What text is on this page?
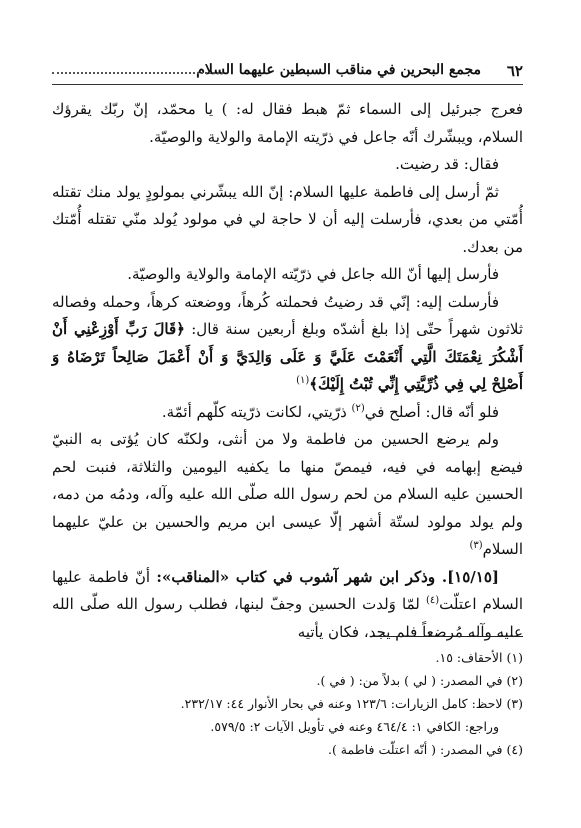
٦٢
مجمع البحرين في مناقب السبطين عليهما السلام

فعرج جبرئيل إلى السماء ثمّ هبط فقال له: ) يا محمّد، إنّ ربّك يقرؤك السلام، ويبشّرك أنّه جاعل في ذرّيته الإمامة والولاية والوصيّة.

فقال: قد رضيت.

ثمّ أرسل إلى فاطمة عليها السلام: إنّ الله يبشّرني بمولودٍ يولد منك تقتله أُمّتي من بعدي، فأرسلت إليه أن لا حاجة لي في مولود يُولد منّي تقتله أُمّتك من بعدك.

فأرسل إليها أنّ الله جاعل في ذرّيّته الإمامة والولاية والوصيّة.

فأرسلت إليه: إنّي قد رضيتُ فحملته كُرهاً، ووضعته كرهاً، وحمله وفصاله ثلاثون شهراً حتّى إذا بلغ أشدّه وبلغ أربعين سنة قال: ﴿قَالَ رَبِّ أَوْزِعْنِي أَنْ أَشْكُرَ نِعْمَتَكَ الَّتِي أَنْعَمْتَ عَلَيَّ وَ عَلَى وَالِدَيَّ وَ أَنْ أَعْمَلَ صَالِحاً تَرْضَاهُ وَ أَصْلِحْ لِي فِي ذُرِّيَّتِي إِنِّي تُبْتُ إِلَيْكَ﴾$^{(١)}$

فلو أنّه قال: أصلح في$^{(٢)}$ ذرّيتي، لكانت ذرّيته كلّهم أئمّة.

ولم يرضع الحسين من فاطمة ولا من أنثى، ولكنّه كان يُؤتى به النبيّ فيضع إبهامه في فيه، فيمصّ منها ما يكفيه اليومين والثلاثة، فنبت لحم الحسين عليه السلام من لحم رسول الله صلّى الله عليه وآله، ودمُه من دمه، ولم يولد مولود لستّة أشهر إلّا عيسى ابن مريم والحسين بن عليّ عليهما السلام$^{(٣)}$

[١٥/١٥]. وذكر ابن شهر آشوب في كتاب «المناقب»: أنّ فاطمة عليها السلام اعتلّت$^{(٤)}$ لمّا وَلدت الحسين وجفّ لبنها، فطلب رسول الله صلّى الله عليه وآله مُرضعاً فلم يجد، فكان يأتيه

(١) الأحقاف: ١٥.
(٢) في المصدر: ( لي ) بدلاً من: ( في ).
(٣) لاحظ: كامل الزيارات: ١٢٣/٦ وعنه في بحار الأنوار ٤٤: ٢٣٢/١٧.
وراجع: الكافي ١: ٤٦٤/٤ وعنه في تأويل الآيات ٢: ٥٧٩/٥.
(٤) في المصدر: ( أنّه اعتلّت فاطمة ).
